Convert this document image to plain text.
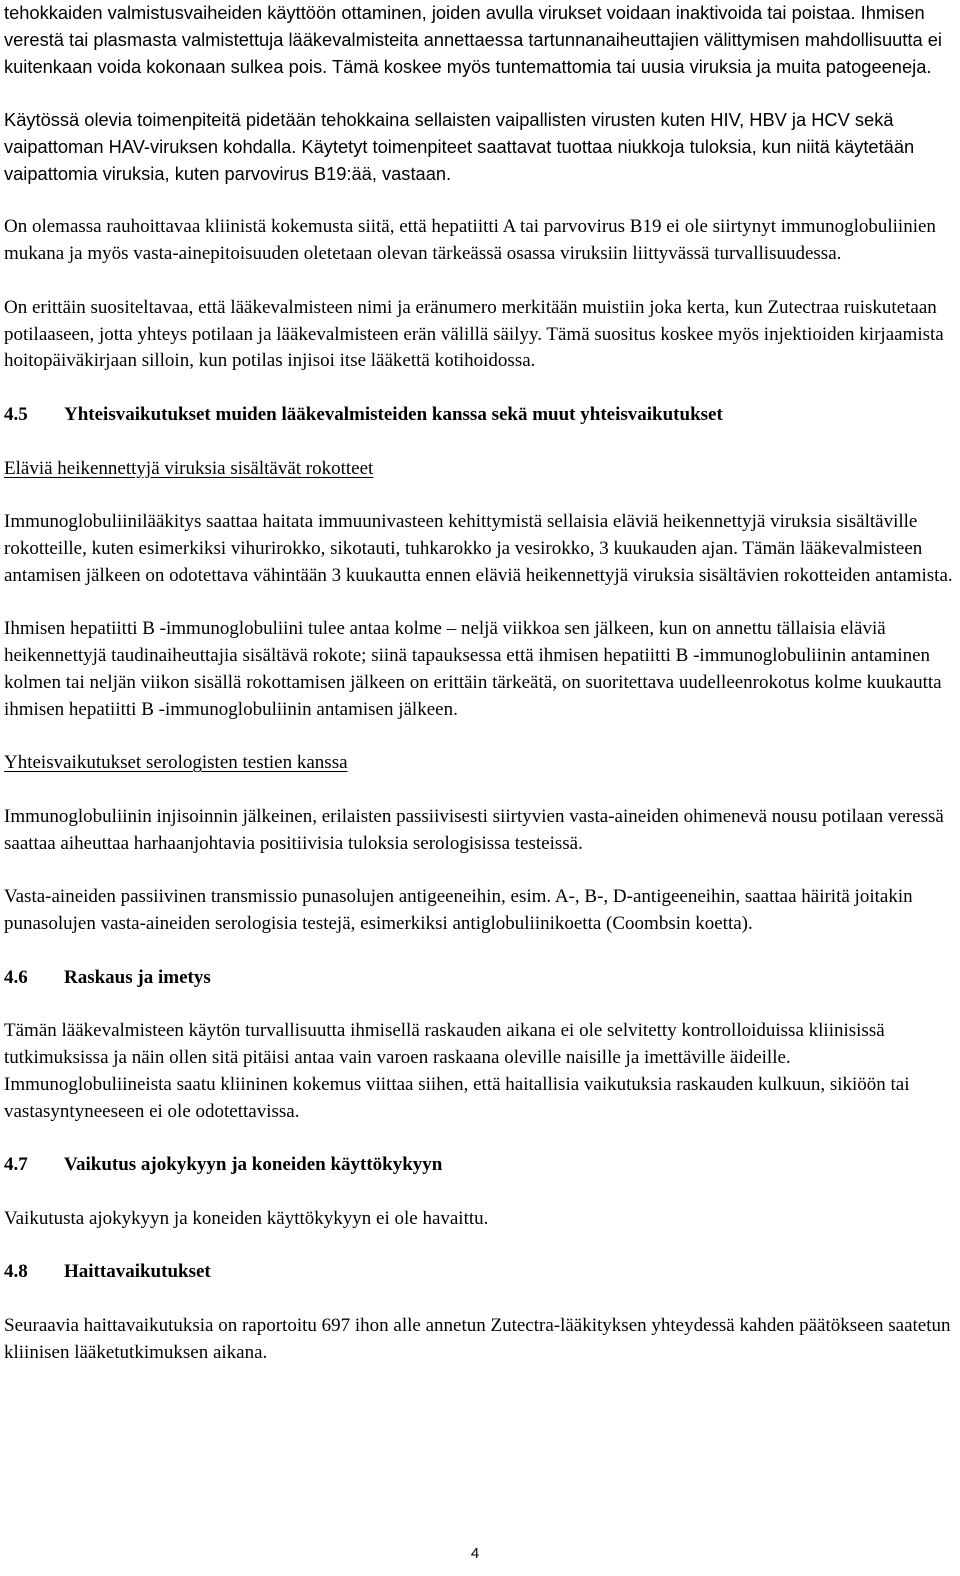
tehokkaiden valmistusvaiheiden käyttöön ottaminen, joiden avulla virukset voidaan inaktivoida tai poistaa. Ihmisen verestä tai plasmasta valmistettuja lääkevalmisteita annettaessa tartunnanaiheuttajien välittymisen mahdollisuutta ei kuitenkaan voida kokonaan sulkea pois. Tämä koskee myös tuntemattomia tai uusia viruksia ja muita patogeeneja.

Käytössä olevia toimenpiteitä pidetään tehokkaina sellaisten vaipallisten virusten kuten HIV, HBV ja HCV sekä vaipattoman HAV-viruksen kohdalla. Käytetyt toimenpiteet saattavat tuottaa niukkoja tuloksia, kun niitä käytetään vaipattomia viruksia, kuten parvovirus B19:ää, vastaan.

On olemassa rauhoittavaa kliinistä kokemusta siitä, että hepatiitti A tai parvovirus B19 ei ole siirtynyt immunoglobuliinien mukana ja myös vasta-ainepitoisuuden oletetaan olevan tärkeässä osassa viruksiin liittyvässä turvallisuudessa.

On erittäin suositeltavaa, että lääkevalmisteen nimi ja eränumero merkitään muistiin joka kerta, kun Zutectraa ruiskutetaan potilaaseen, jotta yhteys potilaan ja lääkevalmisteen erän välillä säilyy. Tämä suositus koskee myös injektioiden kirjaamista hoitopäiväkirjaan silloin, kun potilas injisoi itse lääkettä kotihoidossa.

4.5 Yhteisvaikutukset muiden lääkevalmisteiden kanssa sekä muut yhteisvaikutukset
Eläviä heikennettyjä viruksia sisältävät rokotteet

Immunoglobuliinilääkitys saattaa haitata immuunivasteen kehittymistä sellaisia eläviä heikennettyjä viruksia sisältäville rokotteille, kuten esimerkiksi vihurirokko, sikotauti, tuhkarokko ja vesirokko, 3 kuukauden ajan. Tämän lääkevalmisteen antamisen jälkeen on odotettava vähintään 3 kuukautta ennen eläviä heikennettyjä viruksia sisältävien rokotteiden antamista.

Ihmisen hepatiitti B -immunoglobuliini tulee antaa kolme – neljä viikkoa sen jälkeen, kun on annettu tällaisia eläviä heikennettyjä taudinaiheuttajia sisältävä rokote; siinä tapauksessa että ihmisen hepatiitti B -immunoglobuliinin antaminen kolmen tai neljän viikon sisällä rokottamisen jälkeen on erittäin tärkeätä, on suoritettava uudelleenrokotus kolme kuukautta ihmisen hepatiitti B -immunoglobuliinin antamisen jälkeen.

Yhteisvaikutukset serologisten testien kanssa

Immunoglobuliinin injisoinnin jälkeinen, erilaisten passiivisesti siirtyvien vasta-aineiden ohimenevä nousu potilaan veressä saattaa aiheuttaa harhaanjohtavia positiivisia tuloksia serologisissa testeissä.

Vasta-aineiden passiivinen transmissio punasolujen antigeeneihin, esim. A-, B-, D-antigeeneihin, saattaa häiritä joitakin punasolujen vasta-aineiden serologisia testejä, esimerkiksi antiglobuliinikoetta (Coombsin koetta).

4.6 Raskaus ja imetys

Tämän lääkevalmisteen käytön turvallisuutta ihmisellä raskauden aikana ei ole selvitetty kontrolloiduissa kliinisissä tutkimuksissa ja näin ollen sitä pitäisi antaa vain varoen raskaana oleville naisille ja imettäville äideille. Immunoglobuliineista saatu kliininen kokemus viittaa siihen, että haitallisia vaikutuksia raskauden kulkuun, sikiöön tai vastasyntyneeseen ei ole odotettavissa.

4.7 Vaikutus ajokykyyn ja koneiden käyttökykyyn

Vaikutusta ajokykyyn ja koneiden käyttökykyyn ei ole havaittu.

4.8 Haittavaikutukset

Seuraavia haittavaikutuksia on raportoitu 697 ihon alle annetun Zutectra-lääkityksen yhteydessä kahden päätökseen saatetun kliinisen lääketutkimuksen aikana.

4
